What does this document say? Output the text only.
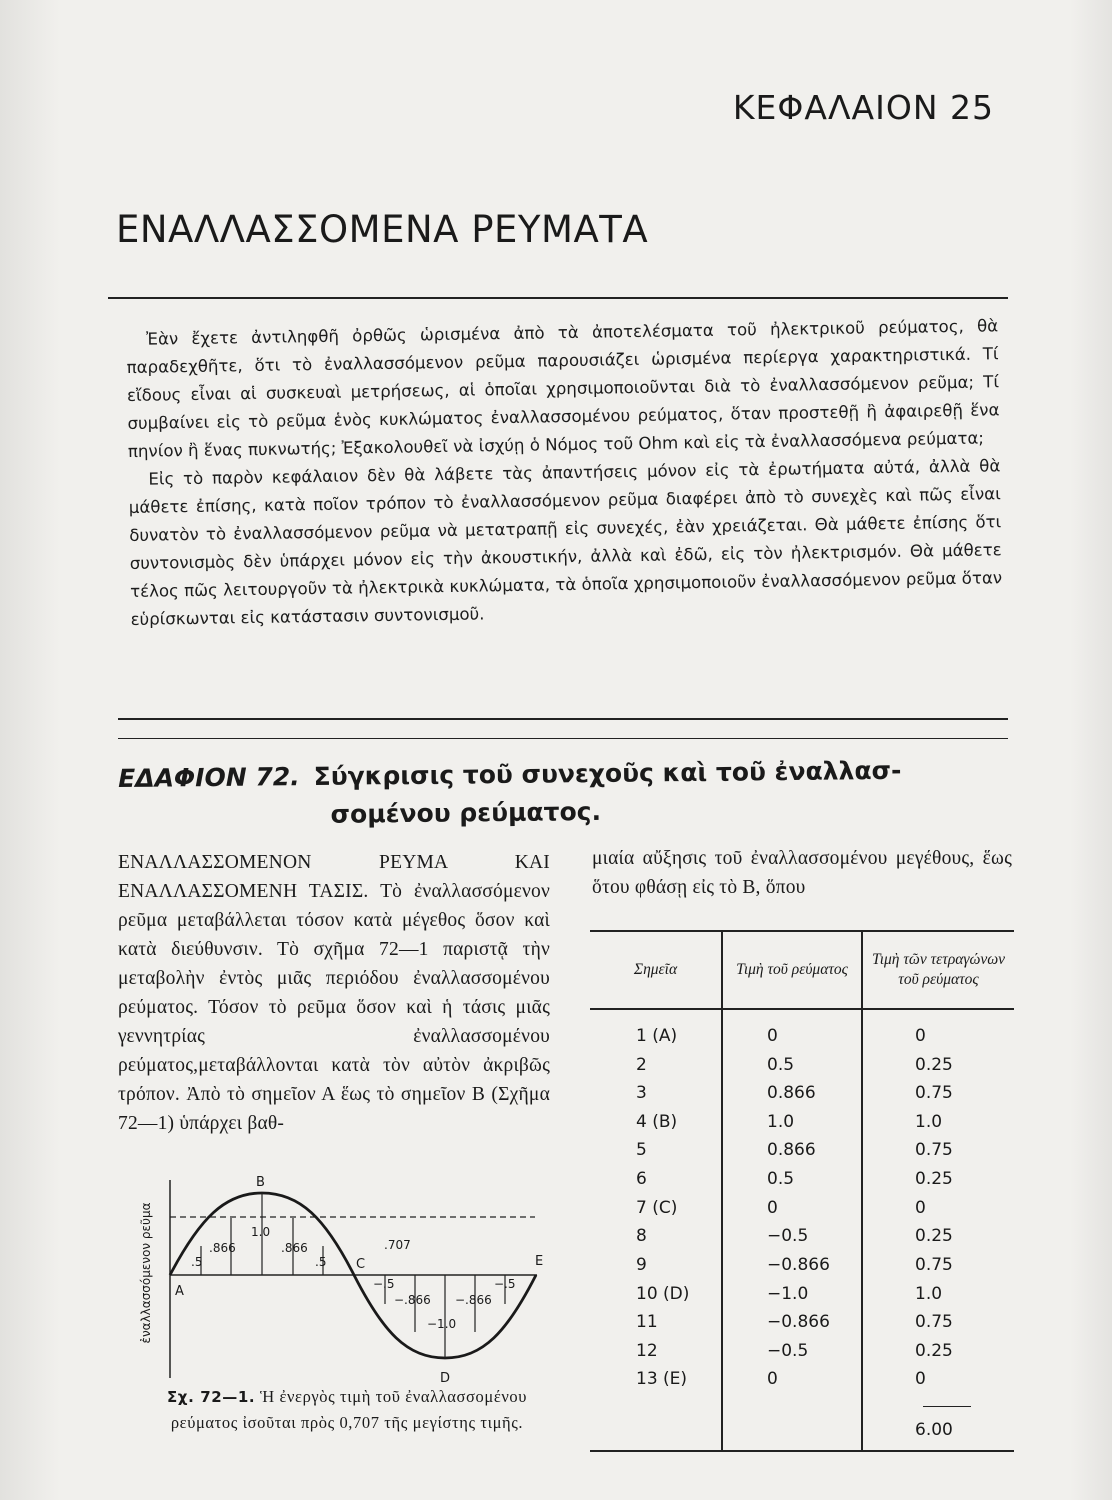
ΚΕΦΑΛΑΙΟΝ 25
ΕΝΑΛΛΑΣΣΟΜΕΝΑ ΡΕΥΜΑΤΑ

Ἐὰν ἔχετε ἀντιληφθῆ ὀρθῶς ὡρισμένα ἀπὸ τὰ ἀποτελέσματα τοῦ ἠλεκτρικοῦ ρεύματος, θὰ παραδεχθῆτε, ὅτι τὸ ἐναλλασσόμενον ρεῦμα παρουσιάζει ὡρισμένα περίεργα χαρακτηριστικά. Τί εἴδους εἶναι αἱ συσκευαὶ μετρήσεως, αἱ ὁποῖαι χρησιμοποιοῦνται διὰ τὸ ἐναλλασσόμενον ρεῦμα; Τί συμβαίνει εἰς τὸ ρεῦμα ἑνὸς κυκλώματος ἐναλλασσομένου ρεύματος, ὅταν προστεθῇ ἢ ἀφαιρεθῇ ἕνα πηνίον ἢ ἕνας πυκνωτής; Ἐξακολουθεῖ νὰ ἰσχύῃ ὁ Νόμος τοῦ Ohm καὶ εἰς τὰ ἐναλλασσόμενα ρεύματα;

Εἰς τὸ παρὸν κεφάλαιον δὲν θὰ λάβετε τὰς ἀπαντήσεις μόνον εἰς τὰ ἐρωτήματα αὐτά, ἀλλὰ θὰ μάθετε ἐπίσης, κατὰ ποῖον τρόπον τὸ ἐναλλασσόμενον ρεῦμα διαφέρει ἀπὸ τὸ συνεχὲς καὶ πῶς εἶναι δυνατὸν τὸ ἐναλλασσόμενον ρεῦμα νὰ μετατραπῇ εἰς συνεχές, ἐὰν χρειάζεται. Θὰ μάθετε ἐπίσης ὅτι συντονισμὸς δὲν ὑπάρχει μόνον εἰς τὴν ἀκουστικήν, ἀλλὰ καὶ ἐδῶ, εἰς τὸν ἠλεκτρισμόν. Θὰ μάθετε τέλος πῶς λειτουργοῦν τὰ ἠλεκτρικὰ κυκλώματα, τὰ ὁποῖα χρησιμοποιοῦν ἐναλλασσόμενον ρεῦμα ὅταν εὑρίσκωνται εἰς κατάστασιν συντονισμοῦ.

ΕΔΑΦΙΟΝ 72. Σύγκρισις τοῦ συνεχοῦς καὶ τοῦ ἐναλλασ-
σομένου ρεύματος.
ΕΝΑΛΛΑΣΣΟΜΕΝΟΝ ΡΕΥΜΑ ΚΑΙ ΕΝΑΛΛΑΣΣΟΜΕΝΗ ΤΑΣΙΣ. Τὸ ἐναλλασσόμενον ρεῦμα μεταβάλλεται τόσον κατὰ μέγεθος ὅσον καὶ κατὰ διεύθυνσιν. Τὸ σχῆμα 72—1 παριστᾷ τὴν μεταβολὴν ἐντὸς μιᾶς περιόδου ἐναλλασσομένου ρεύματος. Τόσον τὸ ρεῦμα ὅσον καὶ ἡ τάσις μιᾶς γεννητρίας ἐναλλασσομένου ρεύματος,μεταβάλλονται κατὰ τὸν αὐτὸν ἀκριβῶς τρόπον. Ἀπὸ τὸ σημεῖον Α ἕως τὸ σημεῖον Β (Σχῆμα 72—1) ὑπάρχει βαθ-
μιαία αὔξησις τοῦ ἐναλλασσομένου μεγέθους, ἕως ὅτου φθάσῃ εἰς τὸ Β, ὅπου
Σημεῖα	Τιμὴ τοῦ ρεύματος	Τιμὴ τῶν τετραγώνων τοῦ ρεύματος

1 (A)	0	0
2	0.5	0.25
3	0.866	0.75
4 (B)	1.0	1.0
5	0.866	0.75
6	0.5	0.25
7 (C)	0	0
8	−0.5	0.25
9	−0.866	0.75
10 (D)	−1.0	1.0
11	−0.866	0.75
12	−0.5	0.25
13 (E)	0	0

		6.00
ἐναλλασσόμενον ρεῦμα
B
A
C
D
E
.5
.866
1.0
.866
.5
.707
−.5
−.866
−1.0
−.866
−.5
Σχ. 72—1. Ἡ ἐνεργὸς τιμὴ τοῦ ἐναλλασσομένου ρεύματος ἰσοῦται πρὸς 0,707 τῆς μεγίστης τιμῆς.
